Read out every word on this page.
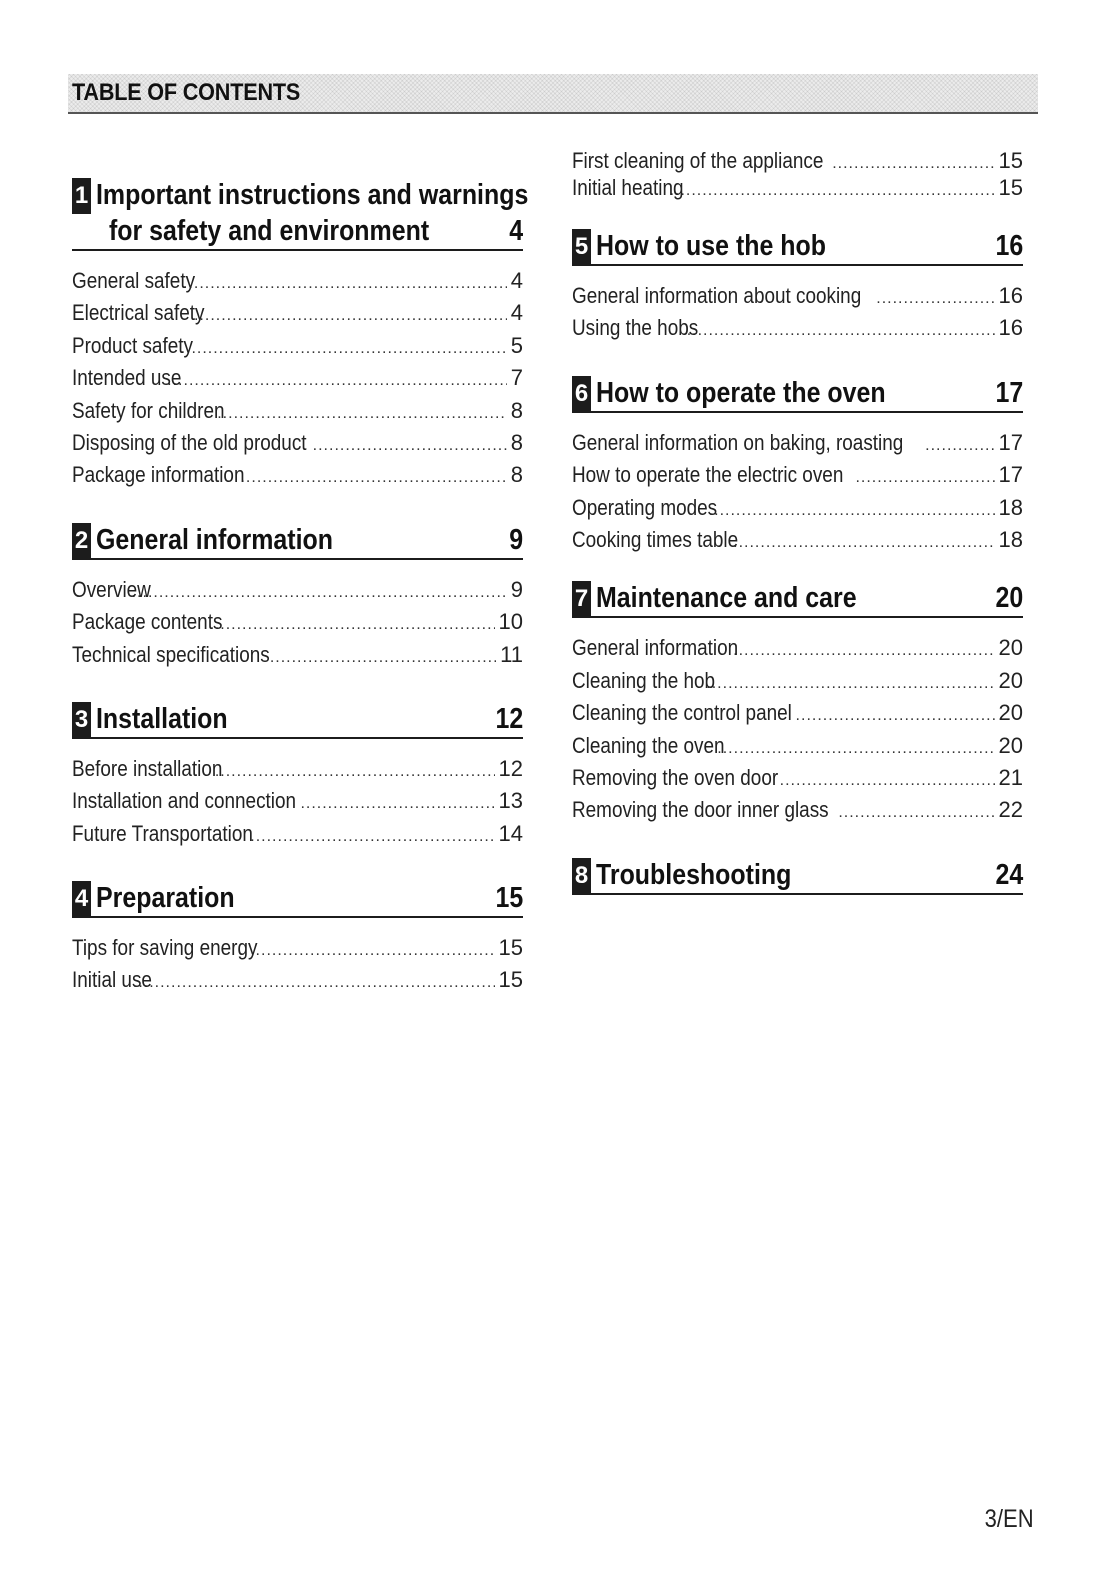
TABLE OF CONTENTS
1 Important instructions and warnings
for safety and environment	4
General safety .....	4
Electrical safety .....	4
Product safety .....	5
Intended use .....	7
Safety for children .....	8
Disposing of the old product .....	8
Package information .....	8
2 General information	9
Overview .....	9
Package contents .....	10
Technical specifications .....	11
3 Installation	12
Before installation .....	12
Installation and connection .....	13
Future Transportation .....	14
4 Preparation	15
Tips for saving energy .....	15
Initial use .....	15
First cleaning of the appliance .....	15
Initial heating .....	15
5 How to use the hob	16
General information about cooking .....	16
Using the hobs .....	16
6 How to operate the oven	17
General information on baking, roasting .....	17
How to operate the electric oven .....	17
Operating modes .....	18
Cooking times table .....	18
7 Maintenance and care	20
General information .....	20
Cleaning the hob .....	20
Cleaning the control panel .....	20
Cleaning the oven .....	20
Removing the oven door .....	21
Removing the door inner glass .....	22
8 Troubleshooting	24
3/EN
